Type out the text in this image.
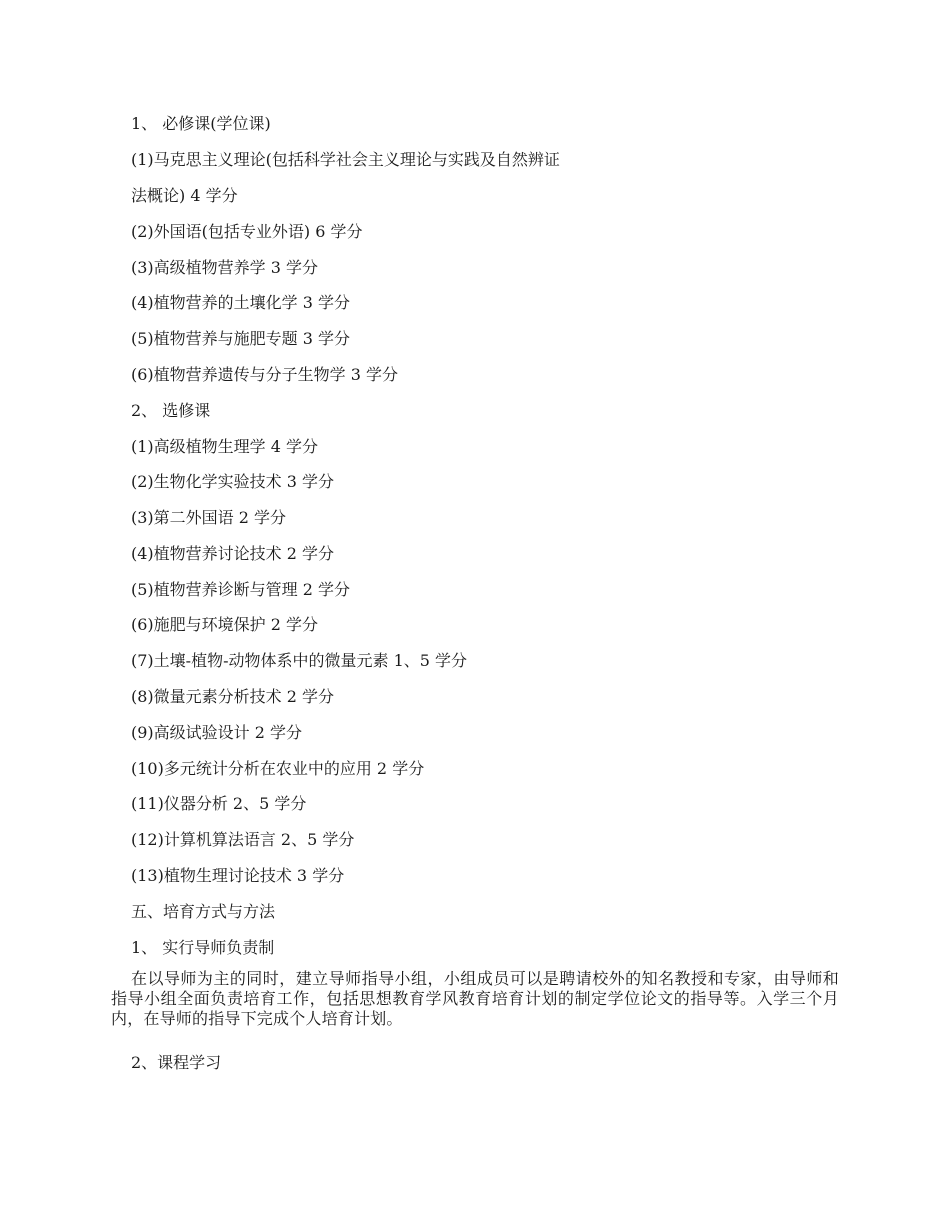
1、 必修课(学位课)
(1)马克思主义理论(包括科学社会主义理论与实践及自然辨证
法概论) 4 学分
(2)外国语(包括专业外语) 6 学分
(3)高级植物营养学 3 学分
(4)植物营养的土壤化学 3 学分
(5)植物营养与施肥专题 3 学分
(6)植物营养遗传与分子生物学 3 学分
2、 选修课
(1)高级植物生理学 4 学分
(2)生物化学实验技术 3 学分
(3)第二外国语 2 学分
(4)植物营养讨论技术 2 学分
(5)植物营养诊断与管理 2 学分
(6)施肥与环境保护 2 学分
(7)土壤-植物-动物体系中的微量元素 1、5 学分
(8)微量元素分析技术 2 学分
(9)高级试验设计 2 学分
(10)多元统计分析在农业中的应用 2 学分
(11)仪器分析 2、5 学分
(12)计算机算法语言 2、5 学分
(13)植物生理讨论技术 3 学分
五、培育方式与方法
1、 实行导师负责制
在以导师为主的同时，建立导师指导小组，小组成员可以是聘请校外的知名教授和专家，由导师和指导小组全面负责培育工作，包括思想教育学风教育培育计划的制定学位论文的指导等。入学三个月内，在导师的指导下完成个人培育计划。
2、课程学习
